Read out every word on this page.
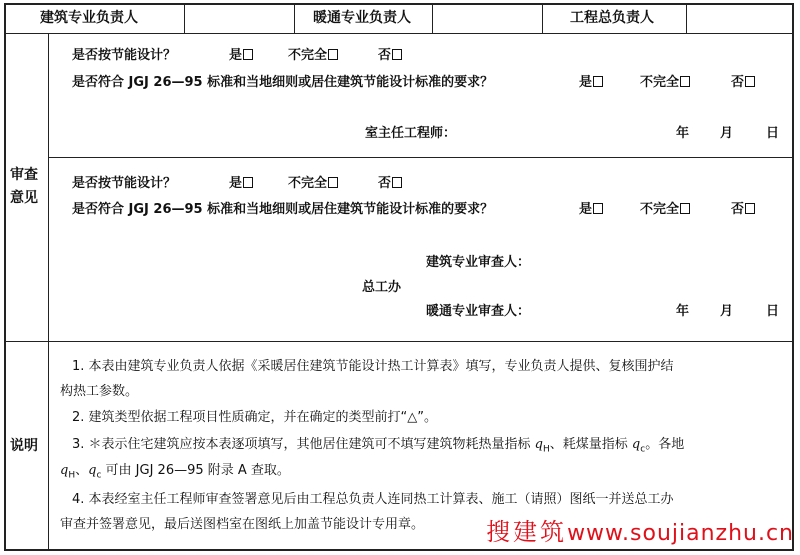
建筑专业负责人	暖通专业负责人	工程总负责人
审查
意见
是否按节能设计？	是	不完全	否
是否符合 JGJ 26—95 标准和当地细则或居住建筑节能设计标准的要求？	是	不完全	否
室主任工程师：	年 月	日
是否按节能设计？	是	不完全	否
是否符合 JGJ 26—95 标准和当地细则或居住建筑节能设计标准的要求？	是	不完全	否
建筑专业审查人：
总工办
暖通专业审查人：	年 月	日
说明
1. 本表由建筑专业负责人依据《采暖居住建筑节能设计热工计算表》填写，专业负责人提供、复核围护结
构热工参数。
2. 建筑类型依据工程项目性质确定，并在确定的类型前打“△”。
3. ＊表示住宅建筑应按本表逐项填写，其他居住建筑可不填写建筑物耗热量指标 $q_H$、耗煤量指标 $q_c$。各地
$q_H$、$q_c$ 可由 JGJ 26—95 附录 A 查取。
4. 本表经室主任工程师审查签署意见后由工程总负责人连同热工计算表、施工（请照）图纸一并送总工办
审查并签署意见，最后送图档室在图纸上加盖节能设计专用章。	搜建筑www.soujianzhu.cn
